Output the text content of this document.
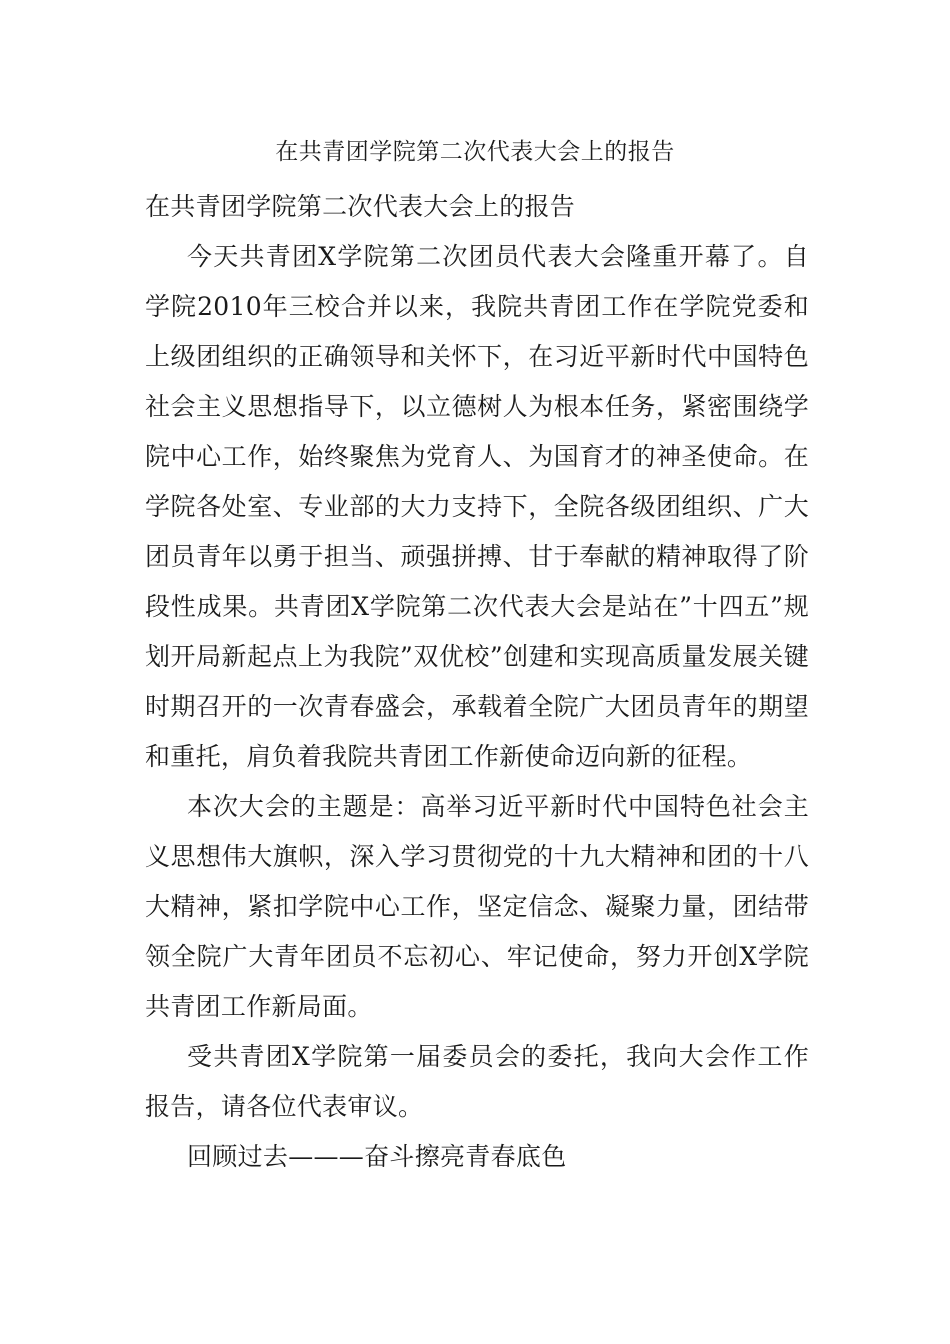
在共青团学院第二次代表大会上的报告

在共青团学院第二次代表大会上的报告

今天共青团X学院第二次团员代表大会隆重开幕了。自学院2010年三校合并以来，我院共青团工作在学院党委和上级团组织的正确领导和关怀下，在习近平新时代中国特色社会主义思想指导下，以立德树人为根本任务，紧密围绕学院中心工作，始终聚焦为党育人、为国育才的神圣使命。在学院各处室、专业部的大力支持下，全院各级团组织、广大团员青年以勇于担当、顽强拼搏、甘于奉献的精神取得了阶段性成果。共青团X学院第二次代表大会是站在”十四五”规划开局新起点上为我院”双优校”创建和实现高质量发展关键时期召开的一次青春盛会，承载着全院广大团员青年的期望和重托，肩负着我院共青团工作新使命迈向新的征程。

本次大会的主题是：高举习近平新时代中国特色社会主义思想伟大旗帜，深入学习贯彻党的十九大精神和团的十八大精神，紧扣学院中心工作，坚定信念、凝聚力量，团结带领全院广大青年团员不忘初心、牢记使命，努力开创X学院共青团工作新局面。

受共青团X学院第一届委员会的委托，我向大会作工作报告，请各位代表审议。

回顾过去———奋斗擦亮青春底色
